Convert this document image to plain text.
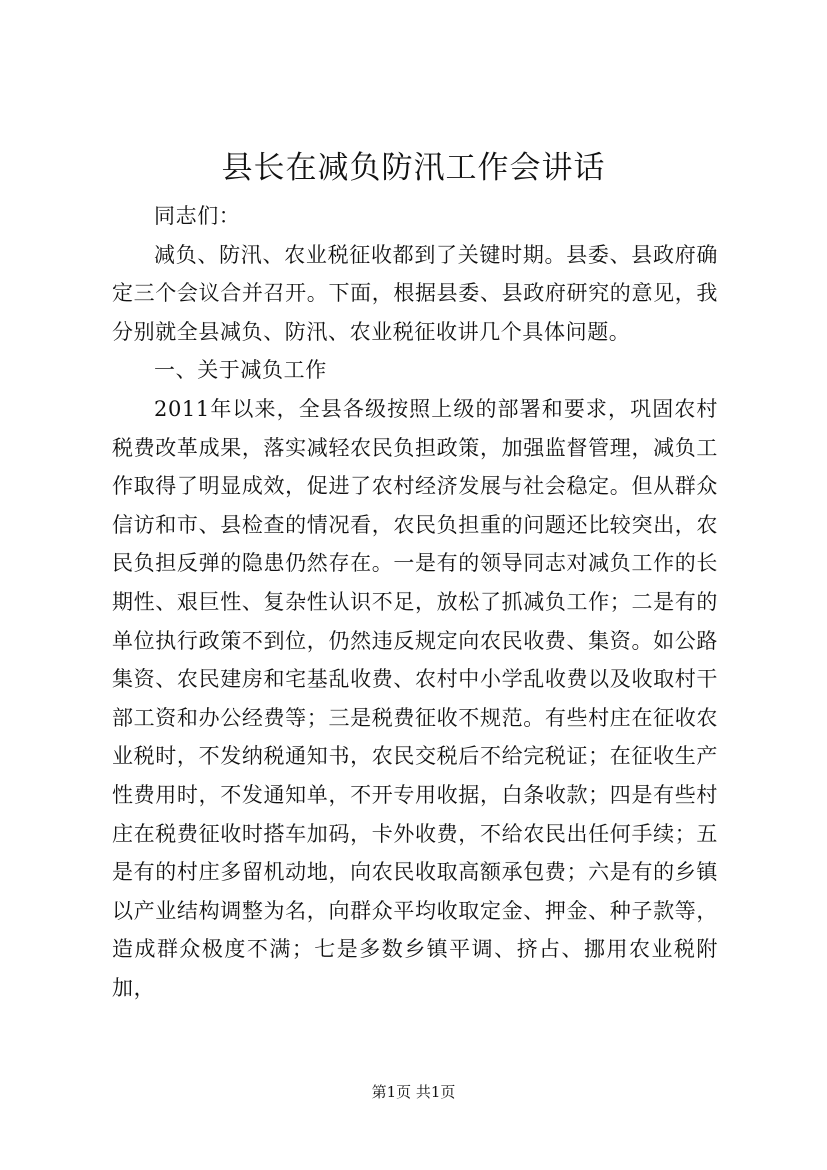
县长在减负防汛工作会讲话

同志们：

减负、防汛、农业税征收都到了关键时期。县委、县政府确定三个会议合并召开。下面，根据县委、县政府研究的意见，我分别就全县减负、防汛、农业税征收讲几个具体问题。

一、关于减负工作

2011年以来，全县各级按照上级的部署和要求，巩固农村税费改革成果，落实减轻农民负担政策，加强监督管理，减负工作取得了明显成效，促进了农村经济发展与社会稳定。但从群众信访和市、县检查的情况看，农民负担重的问题还比较突出，农民负担反弹的隐患仍然存在。一是有的领导同志对减负工作的长期性、艰巨性、复杂性认识不足，放松了抓减负工作；二是有的单位执行政策不到位，仍然违反规定向农民收费、集资。如公路集资、农民建房和宅基乱收费、农村中小学乱收费以及收取村干部工资和办公经费等；三是税费征收不规范。有些村庄在征收农业税时，不发纳税通知书，农民交税后不给完税证；在征收生产性费用时，不发通知单，不开专用收据，白条收款；四是有些村庄在税费征收时搭车加码，卡外收费，不给农民出任何手续；五是有的村庄多留机动地，向农民收取高额承包费；六是有的乡镇以产业结构调整为名，向群众平均收取定金、押金、种子款等，造成群众极度不满；七是多数乡镇平调、挤占、挪用农业税附加，

第1页 共1页
